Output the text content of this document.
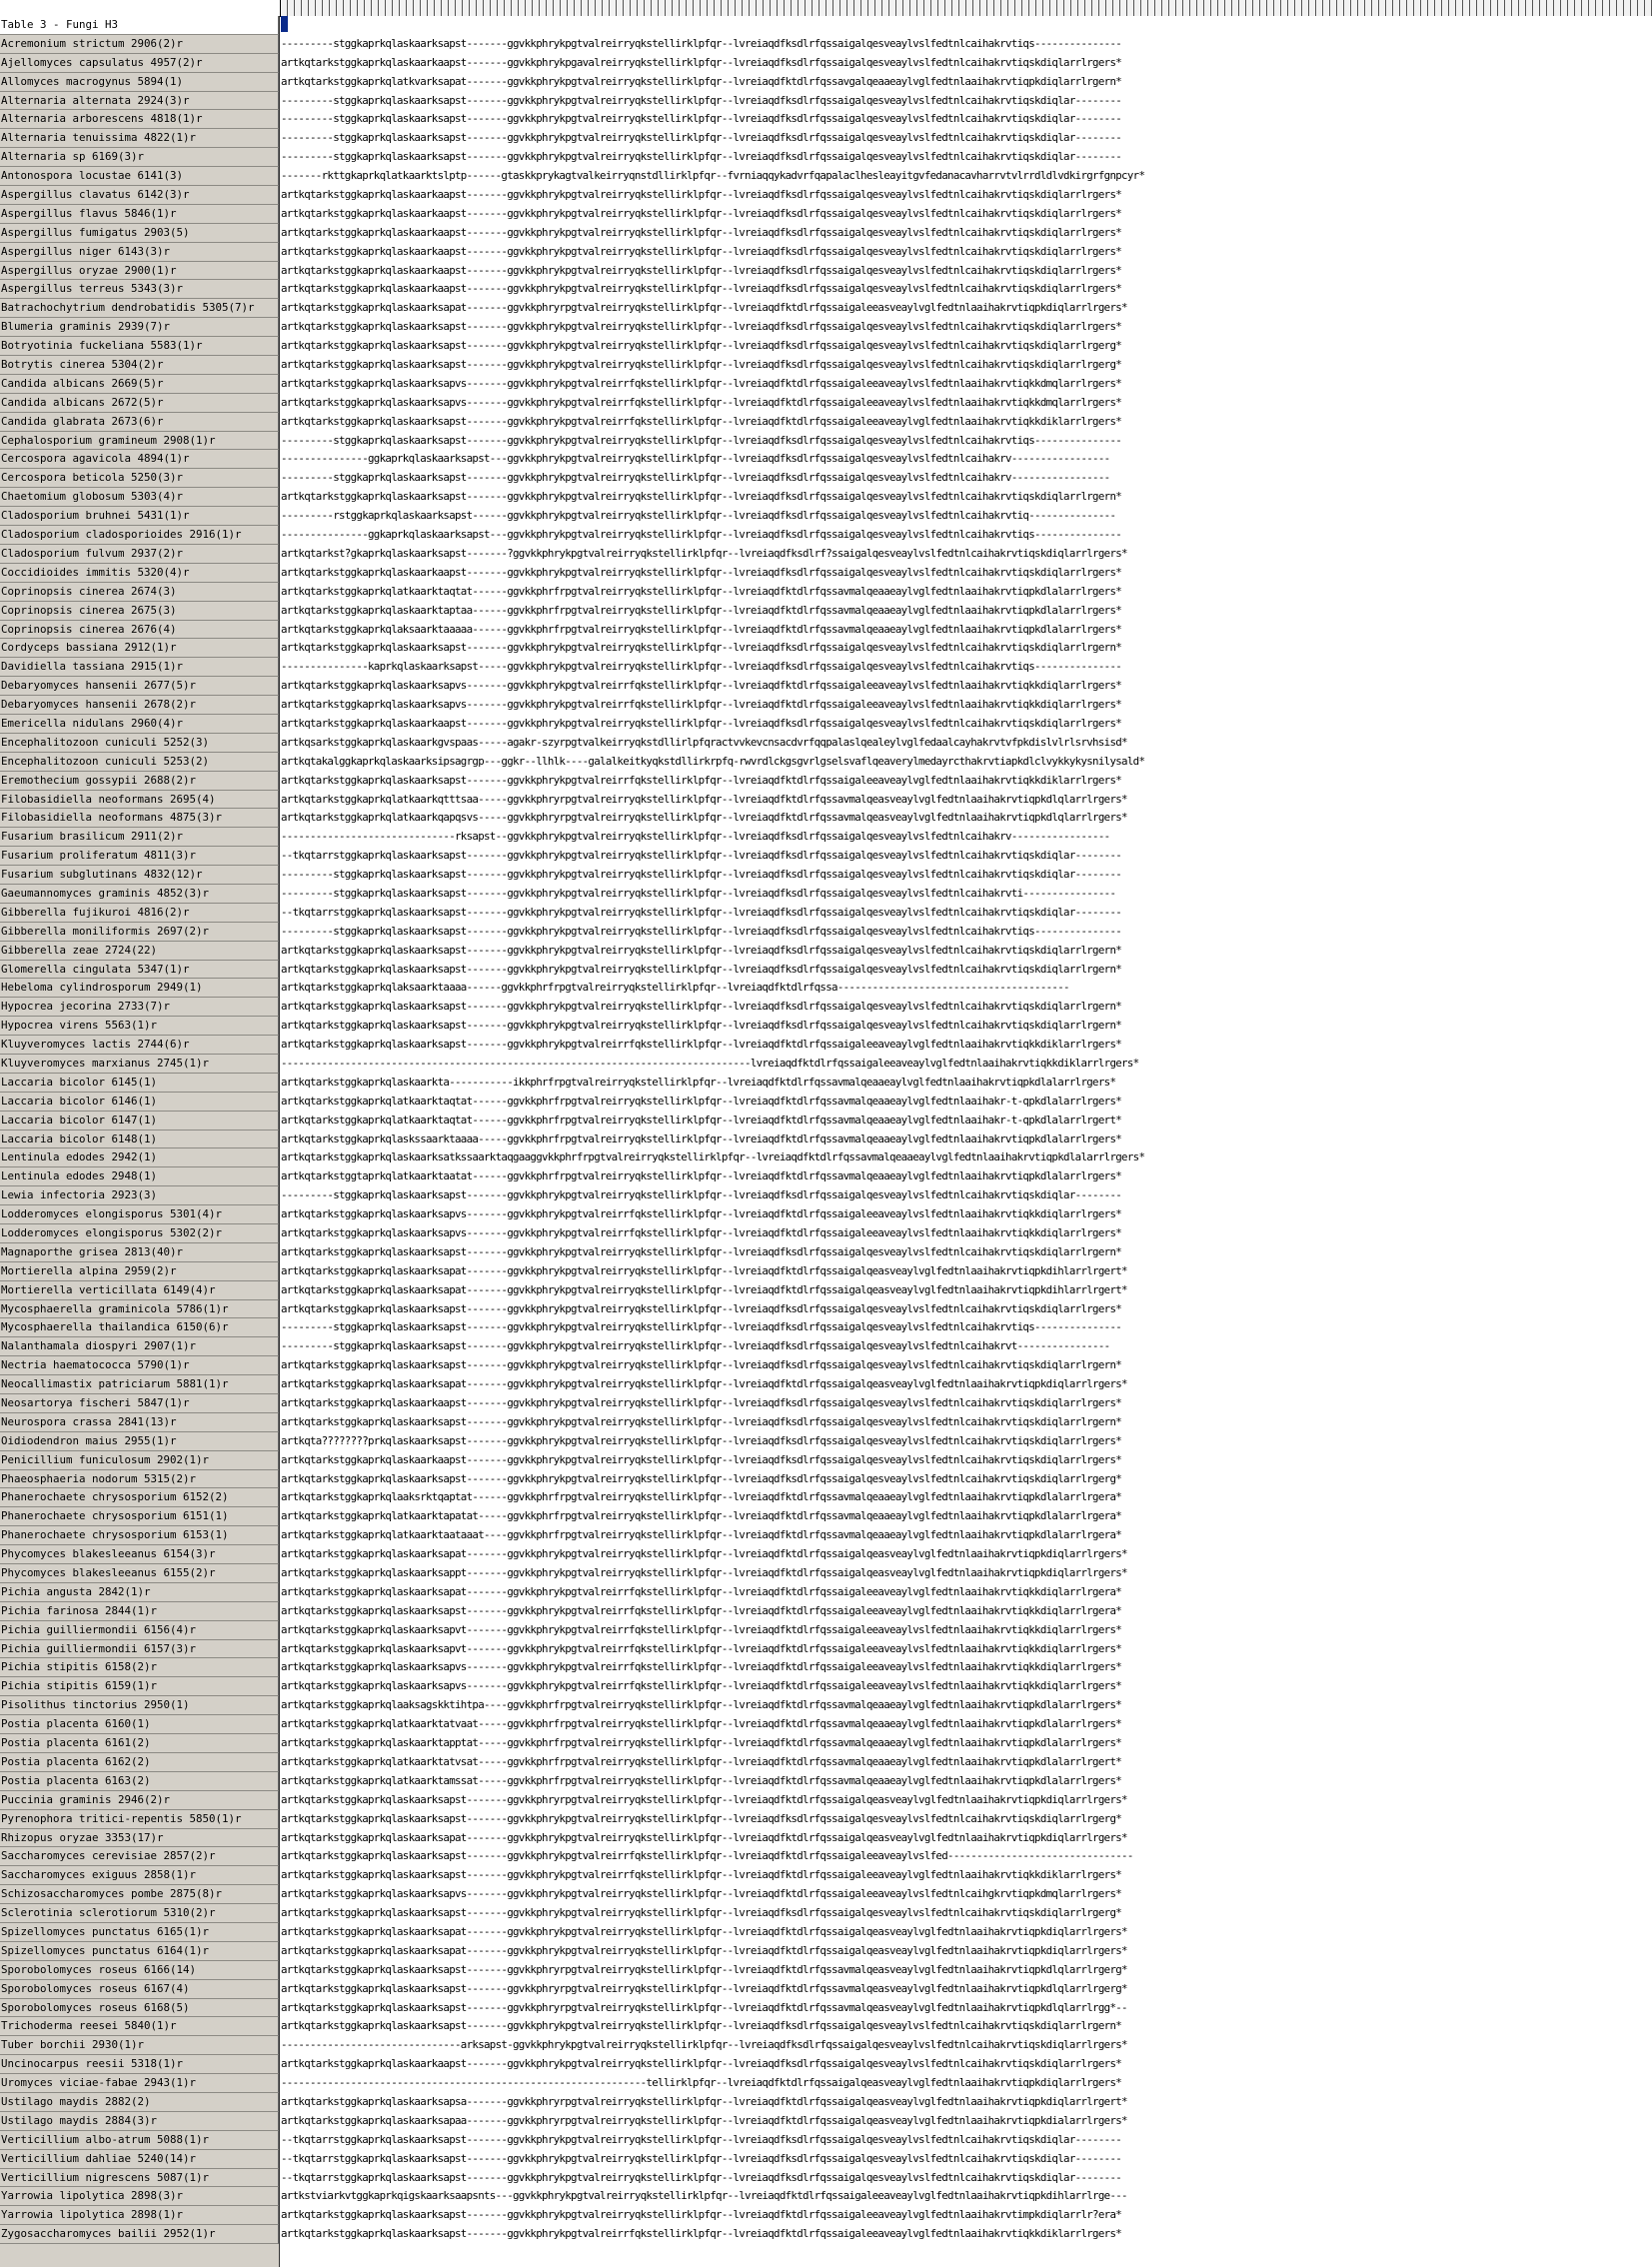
Table 3 - Fungi H3
Acremonium strictum 2906(2)r
Ajellomyces capsulatus 4957(2)r
Allomyces macrogynus 5894(1)
Alternaria alternata 2924(3)r
Alternaria arborescens 4818(1)r
Alternaria tenuissima 4822(1)r
Alternaria sp 6169(3)r
Antonospora locustae 6141(3)
Aspergillus clavatus 6142(3)r
Aspergillus flavus 5846(1)r
Aspergillus fumigatus 2903(5)
Aspergillus niger 6143(3)r
Aspergillus oryzae 2900(1)r
Aspergillus terreus 5343(3)r
Batrachochytrium dendrobatidis 5305(7)r
Blumeria graminis 2939(7)r
Botryotinia fuckeliana 5583(1)r
Botrytis cinerea 5304(2)r
Candida albicans 2669(5)r
Candida albicans 2672(5)r
Candida glabrata 2673(6)r
Cephalosporium gramineum 2908(1)r
Cercospora agavicola 4894(1)r
Cercospora beticola 5250(3)r
Chaetomium globosum 5303(4)r
Cladosporium bruhnei 5431(1)r
Cladosporium cladosporioides 2916(1)r
Cladosporium fulvum 2937(2)r
Coccidioides immitis 5320(4)r
Coprinopsis cinerea 2674(3)
Coprinopsis cinerea 2675(3)
Coprinopsis cinerea 2676(4)
Cordyceps bassiana 2912(1)r
Davidiella tassiana 2915(1)r
Debaryomyces hansenii 2677(5)r
Debaryomyces hansenii 2678(2)r
Emericella nidulans 2960(4)r
Encephalitozoon cuniculi 5252(3)
Encephalitozoon cuniculi 5253(2)
Eremothecium gossypii 2688(2)r
Filobasidiella neoformans 2695(4)
Filobasidiella neoformans 4875(3)r
Fusarium brasilicum 2911(2)r
Fusarium proliferatum 4811(3)r
Fusarium subglutinans 4832(12)r
Gaeumannomyces graminis 4852(3)r
Gibberella fujikuroi 4816(2)r
Gibberella moniliformis 2697(2)r
Gibberella zeae 2724(22)
Glomerella cingulata 5347(1)r
Hebeloma cylindrosporum 2949(1)
Hypocrea jecorina 2733(7)r
Hypocrea virens 5563(1)r
Kluyveromyces lactis 2744(6)r
Kluyveromyces marxianus 2745(1)r
Laccaria bicolor 6145(1)
Laccaria bicolor 6146(1)
Laccaria bicolor 6147(1)
Laccaria bicolor 6148(1)
Lentinula edodes 2942(1)
Lentinula edodes 2948(1)
Lewia infectoria 2923(3)
Lodderomyces elongisporus 5301(4)r
Lodderomyces elongisporus 5302(2)r
Magnaporthe grisea 2813(40)r
Mortierella alpina 2959(2)r
Mortierella verticillata 6149(4)r
Mycosphaerella graminicola 5786(1)r
Mycosphaerella thailandica 6150(6)r
Nalanthamala diospyri 2907(1)r
Nectria haematococca 5790(1)r
Neocallimastix patriciarum 5881(1)r
Neosartorya fischeri 5847(1)r
Neurospora crassa 2841(13)r
Oidiodendron maius 2955(1)r
Penicillium funiculosum 2902(1)r
Phaeosphaeria nodorum 5315(2)r
Phanerochaete chrysosporium 6152(2)
Phanerochaete chrysosporium 6151(1)
Phanerochaete chrysosporium 6153(1)
Phycomyces blakesleeanus 6154(3)r
Phycomyces blakesleeanus 6155(2)r
Pichia angusta 2842(1)r
Pichia farinosa 2844(1)r
Pichia guilliermondii 6156(4)r
Pichia guilliermondii 6157(3)r
Pichia stipitis 6158(2)r
Pichia stipitis 6159(1)r
Pisolithus tinctorius 2950(1)
Postia placenta 6160(1)
Postia placenta 6161(2)
Postia placenta 6162(2)
Postia placenta 6163(2)
Puccinia graminis 2946(2)r
Pyrenophora tritici-repentis 5850(1)r
Rhizopus oryzae 3353(17)r
Saccharomyces cerevisiae 2857(2)r
Saccharomyces exiguus 2858(1)r
Schizosaccharomyces pombe 2875(8)r
Sclerotinia sclerotiorum 5310(2)r
Spizellomyces punctatus 6165(1)r
Spizellomyces punctatus 6164(1)r
Sporobolomyces roseus 6166(14)
Sporobolomyces roseus 6167(4)
Sporobolomyces roseus 6168(5)
Trichoderma reesei 5840(1)r
Tuber borchii 2930(1)r
Uncinocarpus reesii 5318(1)r
Uromyces viciae-fabae 2943(1)r
Ustilago maydis 2882(2)
Ustilago maydis 2884(3)r
Verticillium albo-atrum 5088(1)r
Verticillium dahliae 5240(14)r
Verticillium nigrescens 5087(1)r
Yarrowia lipolytica 2898(3)r
Yarrowia lipolytica 2898(1)r
Zygosaccharomyces bailii 2952(1)r
---------stggkaprkqlaskaarksapst-------ggvkkphrykpgtvalreirryqkstellirklpfqr--lvreiaqdfksdlrfqssaigalqesveaylvslfedtnlcaihakrvtiqs---------------
artkqtarkstggkaprkqlaskaarkaapst-------ggvkkphrykpgavalreirryqkstellirklpfqr--lvreiaqdfksdlrfqssaigalqesveaylvslfedtnlcaihakrvtiqskdiqlarrlrgers*
artkqtarkstggkaprkqlatkvarksapat-------ggvkkphrykpgtvalreirryqkstellirklpfqr--lvreiaqdfktdlrfqssavgalqeaaeaylvglfedtnlaaihakrvtiqpkdiqlarrlrgern*
---------stggkaprkqlaskaarksapst-------ggvkkphrykpgtvalreirryqkstellirklpfqr--lvreiaqdfksdlrfqssaigalqesveaylvslfedtnlcaihakrvtiqskdiqlar--------
---------stggkaprkqlaskaarksapst-------ggvkkphrykpgtvalreirryqkstellirklpfqr--lvreiaqdfksdlrfqssaigalqesveaylvslfedtnlcaihakrvtiqskdiqlar--------
---------stggkaprkqlaskaarksapst-------ggvkkphrykpgtvalreirryqkstellirklpfqr--lvreiaqdfksdlrfqssaigalqesveaylvslfedtnlcaihakrvtiqskdiqlar--------
---------stggkaprkqlaskaarksapst-------ggvkkphrykpgtvalreirryqkstellirklpfqr--lvreiaqdfksdlrfqssaigalqesveaylvslfedtnlcaihakrvtiqskdiqlar--------
-------rkttgkaprkqlatkaarktslptp------gtaskkprykagtvalkeirryqnstdllirklpfqr--fvrniaqqykadvrfqapalaclhesleayitgvfedanacavharrvtvlrrdldlvdkirgrfgnpcyr*
artkqtarkstggkaprkqlaskaarkaapst-------ggvkkphrykpgtvalreirryqkstellirklpfqr--lvreiaqdfksdlrfqssaigalqesveaylvslfedtnlcaihakrvtiqskdiqlarrlrgers*
artkqtarkstggkaprkqlaskaarkaapst-------ggvkkphrykpgtvalreirryqkstellirklpfqr--lvreiaqdfksdlrfqssaigalqesveaylvslfedtnlcaihakrvtiqskdiqlarrlrgers*
artkqtarkstggkaprkqlaskaarkaapst-------ggvkkphrykpgtvalreirryqkstellirklpfqr--lvreiaqdfksdlrfqssaigalqesveaylvslfedtnlcaihakrvtiqskdiqlarrlrgers*
artkqtarkstggkaprkqlaskaarkaapst-------ggvkkphrykpgtvalreirryqkstellirklpfqr--lvreiaqdfksdlrfqssaigalqesveaylvslfedtnlcaihakrvtiqskdiqlarrlrgers*
artkqtarkstggkaprkqlaskaarkaapst-------ggvkkphrykpgtvalreirryqkstellirklpfqr--lvreiaqdfksdlrfqssaigalqesveaylvslfedtnlcaihakrvtiqskdiqlarrlrgers*
artkqtarkstggkaprkqlaskaarkaapst-------ggvkkphrykpgtvalreirryqkstellirklpfqr--lvreiaqdfksdlrfqssaigalqesveaylvslfedtnlcaihakrvtiqskdiqlarrlrgers*
artkqtarkstggkaprkqlaskaarksapat-------ggvkkphryrpgtvalreirryqkstellirklpfqr--lvreiaqdfktdlrfqssaigaleeasveaylvglfedtnlaaihakrvtiqpkdiqlarrlrgers*
artkqtarkstggkaprkqlaskaarksapst-------ggvkkphrykpgtvalreirryqkstellirklpfqr--lvreiaqdfksdlrfqssaigalqesveaylvslfedtnlcaihakrvtiqskdiqlarrlrgers*
artkqtarkstggkaprkqlaskaarksapst-------ggvkkphrykpgtvalreirryqkstellirklpfqr--lvreiaqdfksdlrfqssaigalqesveaylvslfedtnlcaihakrvtiqskdiqlarrlrgerg*
artkqtarkstggkaprkqlaskaarksapst-------ggvkkphrykpgtvalreirryqkstellirklpfqr--lvreiaqdfksdlrfqssaigalqesveaylvslfedtnlcaihakrvtiqskdiqlarrlrgerg*
artkqtarkstggkaprkqlaskaarksapvs-------ggvkkphrykpgtvalreirrfqkstellirklpfqr--lvreiaqdfktdlrfqssaigaleeaveaylvslfedtnlaaihakrvtiqkkdmqlarrlrgers*
artkqtarkstggkaprkqlaskaarksapvs-------ggvkkphrykpgtvalreirrfqkstellirklpfqr--lvreiaqdfktdlrfqssaigaleeaveaylvslfedtnlaaihakrvtiqkkdmqlarrlrgers*
artkqtarkstggkaprkqlaskaarksapst-------ggvkkphrykpgtvalreirrfqkstellirklpfqr--lvreiaqdfktdlrfqssaigaleeaveaylvglfedtnlaaihakrvtiqkkdiklarrlrgers*
---------stggkaprkqlaskaarksapst-------ggvkkphrykpgtvalreirryqkstellirklpfqr--lvreiaqdfksdlrfqssaigalqesveaylvslfedtnlcaihakrvtiqs---------------
---------------ggkaprkqlaskaarksapst---ggvkkphrykpgtvalreirryqkstellirklpfqr--lvreiaqdfksdlrfqssaigalqesveaylvslfedtnlcaihakrv-----------------
---------stggkaprkqlaskaarksapst-------ggvkkphrykpgtvalreirryqkstellirklpfqr--lvreiaqdfksdlrfqssaigalqesveaylvslfedtnlcaihakrv-----------------
artkqtarkstggkaprkqlaskaarksapst-------ggvkkphrykpgtvalreirryqkstellirklpfqr--lvreiaqdfksdlrfqssaigalqesveaylvslfedtnlcaihakrvtiqskdiqlarrlrgern*
---------rstggkaprkqlaskaarksapst------ggvkkphrykpgtvalreirryqkstellirklpfqr--lvreiaqdfksdlrfqssaigalqesveaylvslfedtnlcaihakrvtiq---------------
---------------ggkaprkqlaskaarksapst---ggvkkphrykpgtvalreirryqkstellirklpfqr--lvreiaqdfksdlrfqssaigalqesveaylvslfedtnlcaihakrvtiqs---------------
artkqtarkst?gkaprkqlaskaarksapst-------?ggvkkphrykpgtvalreirryqkstellirklpfqr--lvreiaqdfksdlrf?ssaigalqesveaylvslfedtnlcaihakrvtiqskdiqlarrlrgers*
artkqtarkstggkaprkqlaskaarkaapst-------ggvkkphrykpgtvalreirryqkstellirklpfqr--lvreiaqdfksdlrfqssaigalqesveaylvslfedtnlcaihakrvtiqskdiqlarrlrgers*
artkqtarkstggkaprkqlatkaarktaqtat------ggvkkphrfrpgtvalreirryqkstellirklpfqr--lvreiaqdfktdlrfqssavmalqeaaeaylvglfedtnlaaihakrvtiqpkdlalarrlrgers*
artkqtarkstggkaprkqlaskaarktaptaa------ggvkkphrfrpgtvalreirryqkstellirklpfqr--lvreiaqdfktdlrfqssavmalqeaaeaylvglfedtnlaaihakrvtiqpkdlalarrlrgers*
artkqtarkstggkaprkqlaksaarktaaaaa------ggvkkphrfrpgtvalreirryqkstellirklpfqr--lvreiaqdfktdlrfqssavmalqeaaeaylvglfedtnlaaihakrvtiqpkdlalarrlrgers*
artkqtarkstggkaprkqlaskaarksapst-------ggvkkphrykpgtvalreirryqkstellirklpfqr--lvreiaqdfksdlrfqssaigalqesveaylvslfedtnlcaihakrvtiqskdiqlarrlrgern*
---------------kaprkqlaskaarksapst-----ggvkkphrykpgtvalreirryqkstellirklpfqr--lvreiaqdfksdlrfqssaigalqesveaylvslfedtnlcaihakrvtiqs---------------
artkqtarkstggkaprkqlaskaarksapvs-------ggvkkphrykpgtvalreirrfqkstellirklpfqr--lvreiaqdfktdlrfqssaigaleeaveaylvslfedtnlaaihakrvtiqkkdiqlarrlrgers*
artkqtarkstggkaprkqlaskaarksapvs-------ggvkkphrykpgtvalreirrfqkstellirklpfqr--lvreiaqdfktdlrfqssaigaleeaveaylvslfedtnlaaihakrvtiqkkdiqlarrlrgers*
artkqtarkstggkaprkqlaskaarkaapst-------ggvkkphrykpgtvalreirryqkstellirklpfqr--lvreiaqdfksdlrfqssaigalqesveaylvslfedtnlcaihakrvtiqskdiqlarrlrgers*
artkqsarkstggkaprkqlaskaarkgvspaas-----agakr-szyrpgtvalkeirryqkstdllirlpfqractvvkevcnsacdvrfqqpalaslqealeylvglfedaalcayhakrvtvfpkdislvlrlsrvhsisd*
artkqtakalggkaprkqlaskaarksipsagrgp---ggkr--llhlk----galalkeitkyqkstdllirkrpfq-rwvrdlckgsgvrlgselsvaflqeaverylmedayrcthakrvtiapkdlclvykkykysnilysald*
artkqtarkstggkaprkqlaskaarksapst-------ggvkkphrykpgtvalreirrfqkstellirklpfqr--lvreiaqdfktdlrfqssaigaleeaveaylvglfedtnlaaihakrvtiqkkdiklarrlrgers*
artkqtarkstggkaprkqlatkaarkqtttsaa-----ggvkkphryrpgtvalreirryqkstellirklpfqr--lvreiaqdfktdlrfqssavmalqeasveaylvglfedtnlaaihakrvtiqpkdlqlarrlrgers*
artkqtarkstggkaprkqlatkaarkqapqsvs-----ggvkkphryrpgtvalreirryqkstellirklpfqr--lvreiaqdfktdlrfqssavmalqeasveaylvglfedtnlaaihakrvtiqpkdlqlarrlrgers*
------------------------------rksapst--ggvkkphrykpgtvalreirryqkstellirklpfqr--lvreiaqdfksdlrfqssaigalqesveaylvslfedtnlcaihakrv-----------------
--tkqtarrstggkaprkqlaskaarksapst-------ggvkkphrykpgtvalreirryqkstellirklpfqr--lvreiaqdfksdlrfqssaigalqesveaylvslfedtnlcaihakrvtiqskdiqlar--------
---------stggkaprkqlaskaarksapst-------ggvkkphrykpgtvalreirryqkstellirklpfqr--lvreiaqdfksdlrfqssaigalqesveaylvslfedtnlcaihakrvtiqskdiqlar--------
---------stggkaprkqlaskaarksapst-------ggvkkphrykpgtvalreirryqkstellirklpfqr--lvreiaqdfksdlrfqssaigalqesveaylvslfedtnlcaihakrvti----------------
--tkqtarrstggkaprkqlaskaarksapst-------ggvkkphrykpgtvalreirryqkstellirklpfqr--lvreiaqdfksdlrfqssaigalqesveaylvslfedtnlcaihakrvtiqskdiqlar--------
---------stggkaprkqlaskaarksapst-------ggvkkphrykpgtvalreirryqkstellirklpfqr--lvreiaqdfksdlrfqssaigalqesveaylvslfedtnlcaihakrvtiqs---------------
artkqtarkstggkaprkqlaskaarksapst-------ggvkkphrykpgtvalreirryqkstellirklpfqr--lvreiaqdfksdlrfqssaigalqesveaylvslfedtnlcaihakrvtiqskdiqlarrlrgern*
artkqtarkstggkaprkqlaskaarksapst-------ggvkkphrykpgtvalreirryqkstellirklpfqr--lvreiaqdfksdlrfqssaigalqesveaylvslfedtnlcaihakrvtiqskdiqlarrlrgern*
artkqtarkstggkaprkqlaksaarktaaaa------ggvkkphrfrpgtvalreirryqkstellirklpfqr--lvreiaqdfktdlrfqssa----------------------------------------
artkqtarkstggkaprkqlaskaarksapst-------ggvkkphrykpgtvalreirryqkstellirklpfqr--lvreiaqdfksdlrfqssaigalqesveaylvslfedtnlcaihakrvtiqskdiqlarrlrgern*
artkqtarkstggkaprkqlaskaarksapst-------ggvkkphrykpgtvalreirryqkstellirklpfqr--lvreiaqdfksdlrfqssaigalqesveaylvslfedtnlcaihakrvtiqskdiqlarrlrgern*
artkqtarkstggkaprkqlaskaarksapst-------ggvkkphrykpgtvalreirrfqkstellirklpfqr--lvreiaqdfktdlrfqssaigaleeaveaylvglfedtnlaaihakrvtiqkkdiklarrlrgers*
---------------------------------------------------------------------------------lvreiaqdfktdlrfqssaigaleeaveaylvglfedtnlaaihakrvtiqkkdiklarrlrgers*
artkqtarkstggkaprkqlaskaarkta-----------ikkphrfrpgtvalreirryqkstellirklpfqr--lvreiaqdfktdlrfqssavmalqeaaeaylvglfedtnlaaihakrvtiqpkdlalarrlrgers*
artkqtarkstggkaprkqlatkaarktaqtat------ggvkkphrfrpgtvalreirryqkstellirklpfqr--lvreiaqdfktdlrfqssavmalqeaaeaylvglfedtnlaaihakr-t-qpkdlalarrlrgers*
artkqtarkstggkaprkqlatkaarktaqtat------ggvkkphrfrpgtvalreirryqkstellirklpfqr--lvreiaqdfktdlrfqssavmalqeaaeaylvglfedtnlaaihakr-t-qpkdlalarrlrgert*
artkqtarkstggkaprkqlaskssaarktaaaa-----ggvkkphrfrpgtvalreirryqkstellirklpfqr--lvreiaqdfktdlrfqssavmalqeaaeaylvglfedtnlaaihakrvtiqpkdlalarrlrgers*
artkqtarkstggkaprkqlaskaarksatkssaarktaqgaaggvkkphrfrpgtvalreirryqkstellirklpfqr--lvreiaqdfktdlrfqssavmalqeaaeaylvglfedtnlaaihakrvtiqpkdlalarrlrgers*
artkqtarkstggtaprkqlatkaarktaatat------ggvkkphrfrpgtvalreirryqkstellirklpfqr--lvreiaqdfktdlrfqssavmalqeaaeaylvglfedtnlaaihakrvtiqpkdlalarrlrgers*
---------stggkaprkqlaskaarksapst-------ggvkkphrykpgtvalreirryqkstellirklpfqr--lvreiaqdfksdlrfqssaigalqesveaylvslfedtnlcaihakrvtiqskdiqlar--------
artkqtarkstggkaprkqlaskaarksapvs-------ggvkkphrykpgtvalreirrfqkstellirklpfqr--lvreiaqdfktdlrfqssaigaleeaveaylvslfedtnlaaihakrvtiqkkdiqlarrlrgers*
artkqtarkstggkaprkqlaskaarksapvs-------ggvkkphrykpgtvalreirrfqkstellirklpfqr--lvreiaqdfktdlrfqssaigaleeaveaylvslfedtnlaaihakrvtiqkkdiqlarrlrgers*
artkqtarkstggkaprkqlaskaarksapst-------ggvkkphrykpgtvalreirryqkstellirklpfqr--lvreiaqdfksdlrfqssaigalqesveaylvslfedtnlcaihakrvtiqskdiqlarrlrgern*
artkqtarkstggkaprkqlaskaarksapat-------ggvkkphrykpgtvalreirryqkstellirklpfqr--lvreiaqdfktdlrfqssaigalqeasveaylvglfedtnlaaihakrvtiqpkdihlarrlrgert*
artkqtarkstggkaprkqlaskaarksapat-------ggvkkphrykpgtvalreirryqkstellirklpfqr--lvreiaqdfktdlrfqssaigalqeasveaylvglfedtnlaaihakrvtiqpkdihlarrlrgert*
artkqtarkstggkaprkqlaskaarksapst-------ggvkkphrykpgtvalreirryqkstellirklpfqr--lvreiaqdfksdlrfqssaigalqesveaylvslfedtnlcaihakrvtiqskdiqlarrlrgers*
---------stggkaprkqlaskaarksapst-------ggvkkphrykpgtvalreirryqkstellirklpfqr--lvreiaqdfksdlrfqssaigalqesveaylvslfedtnlcaihakrvtiqs---------------
---------stggkaprkqlaskaarksapst-------ggvkkphrykpgtvalreirryqkstellirklpfqr--lvreiaqdfksdlrfqssaigalqesveaylvslfedtnlcaihakrvt----------------
artkqtarkstggkaprkqlaskaarksapst-------ggvkkphrykpgtvalreirryqkstellirklpfqr--lvreiaqdfksdlrfqssaigalqesveaylvslfedtnlcaihakrvtiqskdiqlarrlrgern*
artkqtarkstggkaprkqlaskaarksapat-------ggvkkphrykpgtvalreirryqkstellirklpfqr--lvreiaqdfktdlrfqssaigalqeasveaylvglfedtnlaaihakrvtiqpkdiqlarrlrgers*
artkqtarkstggkaprkqlaskaarkaapst-------ggvkkphrykpgtvalreirryqkstellirklpfqr--lvreiaqdfksdlrfqssaigalqesveaylvslfedtnlcaihakrvtiqskdiqlarrlrgers*
artkqtarkstggkaprkqlaskaarksapst-------ggvkkphrykpgtvalreirryqkstellirklpfqr--lvreiaqdfksdlrfqssaigalqesveaylvslfedtnlcaihakrvtiqskdiqlarrlrgern*
artkqta????????prkqlaskaarksapst-------ggvkkphrykpgtvalreirryqkstellirklpfqr--lvreiaqdfksdlrfqssaigalqesveaylvslfedtnlcaihakrvtiqskdiqlarrlrgers*
artkqtarkstggkaprkqlaskaarkaapst-------ggvkkphrykpgtvalreirryqkstellirklpfqr--lvreiaqdfksdlrfqssaigalqesveaylvslfedtnlcaihakrvtiqskdiqlarrlrgers*
artkqtarkstggkaprkqlaskaarksapst-------ggvkkphrykpgtvalreirryqkstellirklpfqr--lvreiaqdfksdlrfqssaigalqesveaylvslfedtnlcaihakrvtiqskdiqlarrlrgerg*
artkqtarkstggkaprkqlaaksrktqaptat------ggvkkphrfrpgtvalreirryqkstellirklpfqr--lvreiaqdfktdlrfqssavmalqeaaeaylvglfedtnlaaihakrvtiqpkdlalarrlrgera*
artkqtarkstggkaprkqlatkaarktapatat-----ggvkkphrfrpgtvalreirryqkstellirklpfqr--lvreiaqdfktdlrfqssavmalqeaaeaylvglfedtnlaaihakrvtiqpkdlalarrlrgera*
artkqtarkstggkaprkqlatkaarktaataaat----ggvkkphrfrpgtvalreirryqkstellirklpfqr--lvreiaqdfktdlrfqssavmalqeaaeaylvglfedtnlaaihakrvtiqpkdlalarrlrgera*
artkqtarkstggkaprkqlaskaarksapat-------ggvkkphrykpgtvalreirryqkstellirklpfqr--lvreiaqdfktdlrfqssaigalqeasveaylvglfedtnlaaihakrvtiqpkdiqlarrlrgers*
artkqtarkstggkaprkqlaskaarksappt-------ggvkkphrykpgtvalreirryqkstellirklpfqr--lvreiaqdfktdlrfqssaigalqeasveaylvglfedtnlaaihakrvtiqpkdiqlarrlrgers*
artkqtarkstggkaprkqlaskaarksapat-------ggvkkphrykpgtvalreirrfqkstellirklpfqr--lvreiaqdfktdlrfqssaigaleeaveaylvglfedtnlaaihakrvtiqkkdiqlarrlrgera*
artkqtarkstggkaprkqlaskaarksapst-------ggvkkphrykpgtvalreirrfqkstellirklpfqr--lvreiaqdfktdlrfqssaigaleeaveaylvglfedtnlaaihakrvtiqkkdiqlarrlrgera*
artkqtarkstggkaprkqlaskaarksapvt-------ggvkkphrykpgtvalreirrfqkstellirklpfqr--lvreiaqdfktdlrfqssaigaleeaveaylvslfedtnlaaihakrvtiqkkdiqlarrlrgers*
artkqtarkstggkaprkqlaskaarksapvt-------ggvkkphrykpgtvalreirrfqkstellirklpfqr--lvreiaqdfktdlrfqssaigaleeaveaylvslfedtnlaaihakrvtiqkkdiqlarrlrgers*
artkqtarkstggkaprkqlaskaarksapvs-------ggvkkphrykpgtvalreirrfqkstellirklpfqr--lvreiaqdfktdlrfqssaigaleeaveaylvslfedtnlaaihakrvtiqkkdiqlarrlrgers*
artkqtarkstggkaprkqlaskaarksapvs-------ggvkkphrykpgtvalreirrfqkstellirklpfqr--lvreiaqdfktdlrfqssaigaleeaveaylvslfedtnlaaihakrvtiqkkdiqlarrlrgers*
artkqtarkstggkaprkqlaaksagskktihtpa----ggvkkphrfrpgtvalreirryqkstellirklpfqr--lvreiaqdfktdlrfqssavmalqeaaeaylvglfedtnlaaihakrvtiqpkdlalarrlrgers*
artkqtarkstggkaprkqlatkaarktatvaat-----ggvkkphrfrpgtvalreirryqkstellirklpfqr--lvreiaqdfktdlrfqssavmalqeaaeaylvglfedtnlaaihakrvtiqpkdlalarrlrgers*
artkqtarkstggkaprkqlaskaarktapptat-----ggvkkphrfrpgtvalreirryqkstellirklpfqr--lvreiaqdfktdlrfqssavmalqeaaeaylvglfedtnlaaihakrvtiqpkdlalarrlrgers*
artkqtarkstggkaprkqlatkaarktatvsat-----ggvkkphrfrpgtvalreirryqkstellirklpfqr--lvreiaqdfktdlrfqssavmalqeaaeaylvglfedtnlaaihakrvtiqpkdlalarrlrgert*
artkqtarkstggkaprkqlatkaarktamssat-----ggvkkphrfrpgtvalreirryqkstellirklpfqr--lvreiaqdfktdlrfqssavmalqeaaeaylvglfedtnlaaihakrvtiqpkdlalarrlrgers*
artkqtarkstggkaprkqlaskaarksapst-------ggvkkphryrpgtvalreirryqkstellirklpfqr--lvreiaqdfktdlrfqssaigalqeasveaylvglfedtnlaaihakrvtiqpkdiqlarrlrgers*
artkqtarkstggkaprkqlaskaarksapst-------ggvkkphrykpgtvalreirryqkstellirklpfqr--lvreiaqdfksdlrfqssaigalqesveaylvslfedtnlcaihakrvtiqskdiqlarrlrgerg*
artkqtarkstggkaprkqlaskaarksapat-------ggvkkphrykpgtvalreirryqkstellirklpfqr--lvreiaqdfktdlrfqssaigalqeasveaylvglfedtnlaaihakrvtiqpkdiqlarrlrgers*
artkqtarkstggkaprkqlaskaarksapst-------ggvkkphrykpgtvalreirrfqkstellirklpfqr--lvreiaqdfktdlrfqssaigaleeaveaylvslfed--------------------------------
artkqtarkstggkaprkqlaskaarksapst-------ggvkkphrykpgtvalreirrfqkstellirklpfqr--lvreiaqdfktdlrfqssaigaleeaveaylvglfedtnlaaihakrvtiqkkdiklarrlrgers*
artkqtarkstggkaprkqlaskaarksapvs-------ggvkkphrykpgtvalreirryqkstellirklpfqr--lvreiaqdfktdlrfqssaigaleeaveaylvslfedtnlcaihgkrvtiqpkdmqlarrlrgers*
artkqtarkstggkaprkqlaskaarksapst-------ggvkkphrykpgtvalreirryqkstellirklpfqr--lvreiaqdfksdlrfqssaigalqesveaylvslfedtnlcaihakrvtiqskdiqlarrlrgerg*
artkqtarkstggkaprkqlaskaarksapat-------ggvkkphrykpgtvalreirryqkstellirklpfqr--lvreiaqdfktdlrfqssaigalqeasveaylvglfedtnlaaihakrvtiqpkdiqlarrlrgers*
artkqtarkstggkaprkqlaskaarksapat-------ggvkkphrykpgtvalreirryqkstellirklpfqr--lvreiaqdfktdlrfqssaigalqeasveaylvglfedtnlaaihakrvtiqpkdiqlarrlrgers*
artkqtarkstggkaprkqlaskaarksapst-------ggvkkphryrpgtvalreirryqkstellirklpfqr--lvreiaqdfktdlrfqssavmalqeasveaylvglfedtnlaaihakrvtiqpkdlqlarrlrgerg*
artkqtarkstggkaprkqlaskaarksapst-------ggvkkphryrpgtvalreirryqkstellirklpfqr--lvreiaqdfktdlrfqssavmalqeasveaylvglfedtnlaaihakrvtiqpkdlqlarrlrgerg*
artkqtarkstggkaprkqlaskaarksapst-------ggvkkphryrpgtvalreirryqkstellirklpfqr--lvreiaqdfktdlrfqssavmalqeasveaylvglfedtnlaaihakrvtiqpkdlqlarrlrgg*--
artkqtarkstggkaprkqlaskaarksapst-------ggvkkphrykpgtvalreirryqkstellirklpfqr--lvreiaqdfksdlrfqssaigalqesveaylvslfedtnlcaihakrvtiqskdiqlarrlrgern*
-------------------------------arksapst-ggvkkphrykpgtvalreirryqkstellirklpfqr--lvreiaqdfksdlrfqssaigalqesveaylvslfedtnlcaihakrvtiqskdiqlarrlrgers*
artkqtarkstggkaprkqlaskaarkaapst-------ggvkkphrykpgtvalreirryqkstellirklpfqr--lvreiaqdfksdlrfqssaigalqesveaylvslfedtnlcaihakrvtiqskdiqlarrlrgers*
---------------------------------------------------------------tellirklpfqr--lvreiaqdfktdlrfqssaigalqeasveaylvglfedtnlaaihakrvtiqpkdiqlarrlrgers*
artkqtarkstggkaprkqlaskaarksapsa-------ggvkkphryrpgtvalreirryqkstellirklpfqr--lvreiaqdfktdlrfqssaigalqeasveaylvglfedtnlaaihakrvtiqpkdiqlarrlrgert*
artkqtarkstggkaprkqlaskaarksapaa-------ggvkkphryrpgtvalreirryqkstellirklpfqr--lvreiaqdfktdlrfqssaigalqeasveaylvglfedtnlaaihakrvtiqpkdialarrlrgers*
--tkqtarrstggkaprkqlaskaarksapst-------ggvkkphrykpgtvalreirryqkstellirklpfqr--lvreiaqdfksdlrfqssaigalqesveaylvslfedtnlcaihakrvtiqskdiqlar--------
--tkqtarrstggkaprkqlaskaarksapst-------ggvkkphrykpgtvalreirryqkstellirklpfqr--lvreiaqdfksdlrfqssaigalqesveaylvslfedtnlcaihakrvtiqskdiqlar--------
--tkqtarrstggkaprkqlaskaarksapst-------ggvkkphrykpgtvalreirryqkstellirklpfqr--lvreiaqdfksdlrfqssaigalqesveaylvslfedtnlcaihakrvtiqskdiqlar--------
artkstviarkvtggkaprkqigskaarksaapsnts---ggvkkphrykpgtvalreirryqkstellirklpfqr--lvreiaqdfktdlrfqssaigaleeaveaylvglfedtnlaaihakrvtiqpkdihlarrlrge---
artkqtarkstggkaprkqlaskaarksapst-------ggvkkphrykpgtvalreirryqkstellirklpfqr--lvreiaqdfktdlrfqssaigaleeaveaylvglfedtnlaaihakrvtimpkdiqlarrlr?era*
artkqtarkstggkaprkqlaskaarksapst-------ggvkkphrykpgtvalreirrfqkstellirklpfqr--lvreiaqdfktdlrfqssaigaleeaveaylvglfedtnlaaihakrvtiqkkdiklarrlrgers*
